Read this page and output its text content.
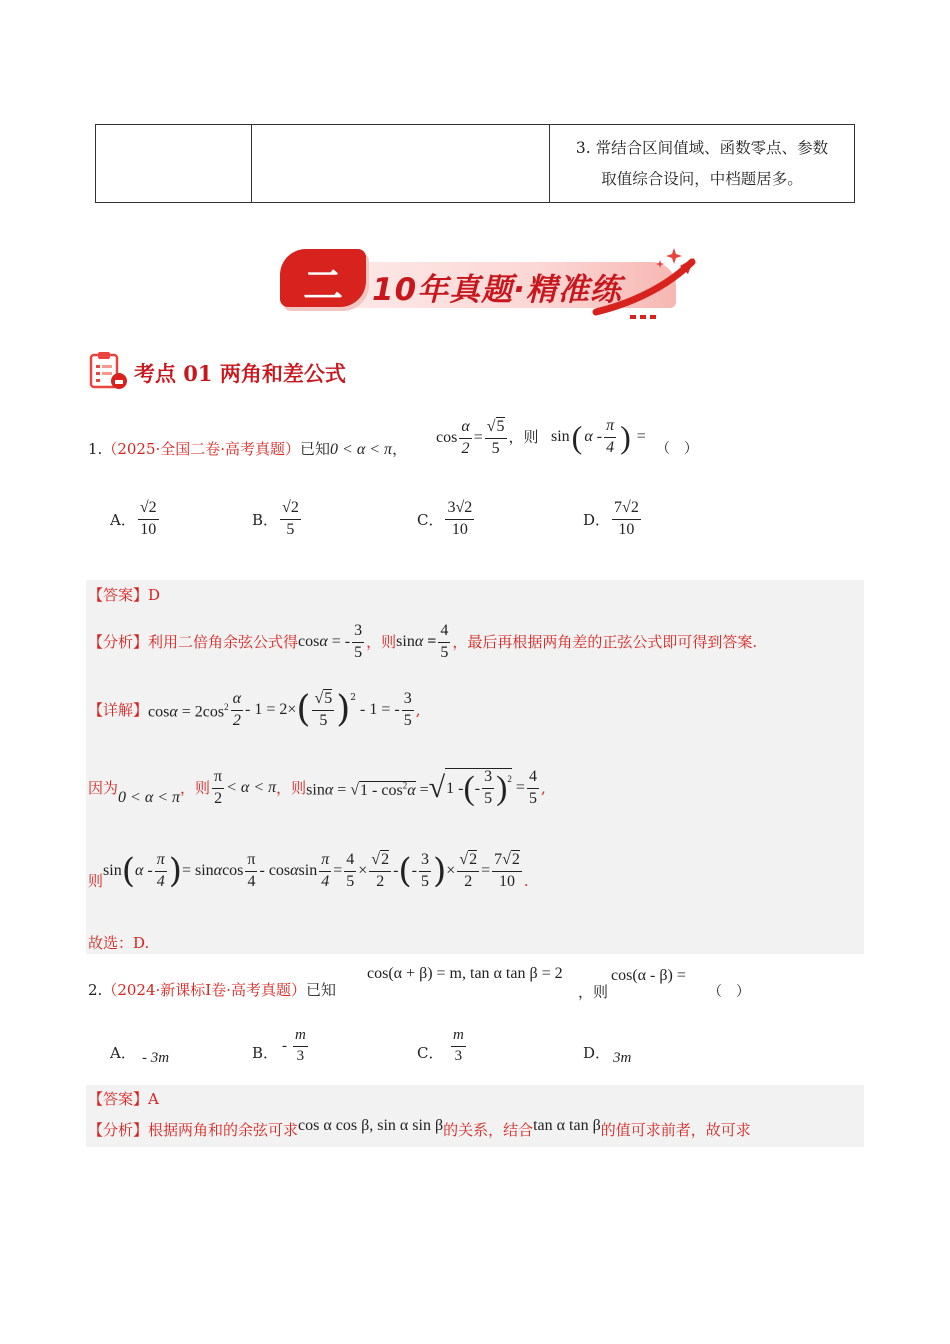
3. 常结合区间值域、函数零点、参数
取值综合设问，中档题居多。
二 10年真题·精准练
考点 01 两角和差公式
1.（2025·全国二卷·高考真题）已知0 < α < π，
$\cos \frac{\alpha}{2} = \frac{√5}{5}$ ，则 sin ( α - $\frac{\pi}{4}$ ) =
（　）
A． $\frac{√2}{10}$	B． $\frac{√2}{5}$	C． $\frac{3√2}{10}$	D． $\frac{7√2}{10}$
【答案】D
【分析】 利用二倍角余弦公式得 cosα = - $\frac{3}{5}$ ，则 $\sin\alpha = \frac{4}{5}$ ，最后再根据两角差的正弦公式即可得到答案.
【详解】 $\cos\alpha = 2\cos^2 \frac{\alpha}{2} - 1 = 2\times$ ( $\frac{√5}{5} )^2$
- 1 = - $\frac{3}{5}$ ,
因为
0 < α < π
，则 $\frac{\pi}{2} < \alpha < \pi$ ，则 $\sin\alpha = √1 - \cos^2\alpha$ = √ 1 - ( - $\frac{3}{5} )^2 = \frac{4}{5}$ ,
则
sin ( α - $\frac{\pi}{4}$ ) = sinαcos $\frac{\pi}{4} - \cos\alpha\sin \frac{\pi}{4} = \frac{4}{5} \times \frac{√2}{2}$ - ( - $\frac{3}{5}$ ) × $\frac{√2}{2} = \frac{7√2}{10}$ .
故选：D.
2.（2024·新课标Ⅰ卷·高考真题）已知
cos(α + β) = m, tan α tan β = 2
，则
cos(α - β) =
（　）
A． - 3m	B． - $\frac{m}{3}$	C． $\frac{m}{3}$	D． 3m
【答案】A
【分析】 根据两角和的余弦可求 cos α cos β, sin α sin β 的关系，结合 tan α tan β 的值可求前者，故可求
